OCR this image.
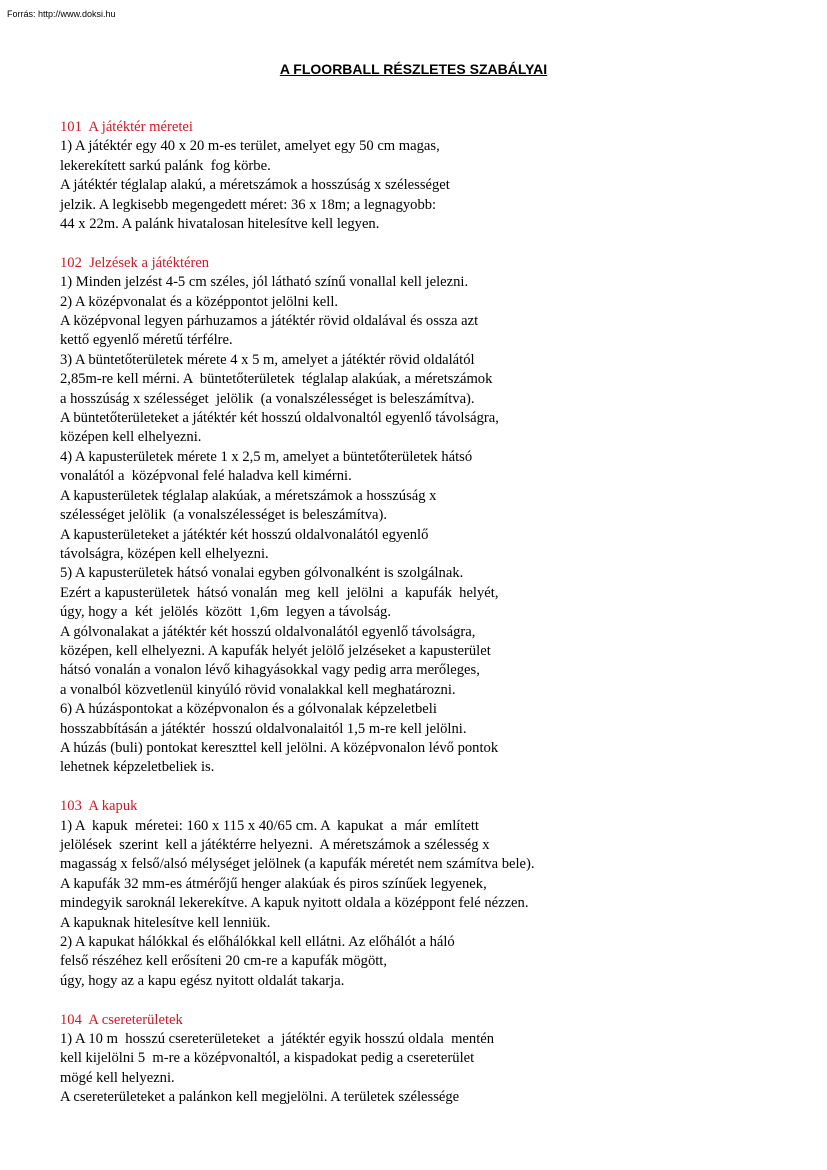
Forrás: http://www.doksi.hu
A FLOORBALL RÉSZLETES SZABÁLYAI
101  A játéktér méretei
1) A játéktér egy 40 x 20 m-es terület, amelyet egy 50 cm magas,
lekerekített sarkú palánk  fog körbe.
A játéktér téglalap alakú, a méretszámok a hosszúság x szélességet
jelzik. A legkisebb megengedett méret: 36 x 18m; a legnagyobb:
44 x 22m. A palánk hivatalosan hitelesítve kell legyen.
102  Jelzések a játéktéren
1) Minden jelzést 4-5 cm széles, jól látható színű vonallal kell jelezni.
2) A középvonalat és a középpontot jelölni kell.
A középvonal legyen párhuzamos a játéktér rövid oldalával és ossza azt
kettő egyenlő méretű térfélre.
3) A büntetőterületek mérete 4 x 5 m, amelyet a játéktér rövid oldalától
2,85m-re kell mérni. A  büntetőterületek  téglalap alakúak, a méretszámok
a hosszúság x szélességet  jelölik  (a vonalszélességet is beleszámítva).
A büntetőterületeket a játéktér két hosszú oldalvonaltól egyenlő távolságra,
középen kell elhelyezni.
4) A kapusterületek mérete 1 x 2,5 m, amelyet a büntetőterületek hátsó
vonalától a  középvonal felé haladva kell kimérni.
A kapusterületek téglalap alakúak, a méretszámok a hosszúság x
szélességet jelölik  (a vonalszélességet is beleszámítva).
A kapusterületeket a játéktér két hosszú oldalvonalától egyenlő
távolságra, középen kell elhelyezni.
5) A kapusterületek hátsó vonalai egyben gólvonalként is szolgálnak.
Ezért a kapusterületek  hátsó vonalán  meg  kell  jelölni  a  kapufák  helyét,
úgy, hogy a  két  jelölés  között  1,6m  legyen a távolság.
A gólvonalakat a játéktér két hosszú oldalvonalától egyenlő távolságra,
középen, kell elhelyezni. A kapufák helyét jelölő jelzéseket a kapusterület
hátsó vonalán a vonalon lévő kihagyásokkal vagy pedig arra merőleges,
a vonalból közvetlenül kinyúló rövid vonalakkal kell meghatározni.
6) A húzáspontokat a középvonalon és a gólvonalak képzeletbeli
hosszabbításán a játéktér  hosszú oldalvonalaitól 1,5 m-re kell jelölni.
A húzás (buli) pontokat kereszttel kell jelölni. A középvonalon lévő pontok
lehetnek képzeletbeliek is.
103  A kapuk
1) A  kapuk  méretei: 160 x 115 x 40/65 cm. A  kapukat  a  már  említett
jelölések  szerint  kell a játéktérre helyezni.  A méretszámok a szélesség x
magasság x felső/alsó mélységet jelölnek (a kapufák méretét nem számítva bele).
A kapufák 32 mm-es átmérőjű henger alakúak és piros színűek legyenek,
mindegyik saroknál lekerekítve. A kapuk nyitott oldala a középpont felé nézzen.
A kapuknak hitelesítve kell lenniük.
2) A kapukat hálókkal és előhálókkal kell ellátni. Az előhálót a háló
felső részéhez kell erősíteni 20 cm-re a kapufák mögött,
úgy, hogy az a kapu egész nyitott oldalát takarja.
104  A csereterületek
1) A 10 m  hosszú csereterületeket  a  játéktér egyik hosszú oldala  mentén
kell kijelölni 5  m-re a középvonaltól, a kispadokat pedig a csereterület
mögé kell helyezni.
A csereterületeket a palánkon kell megjelölni. A területek szélessége
